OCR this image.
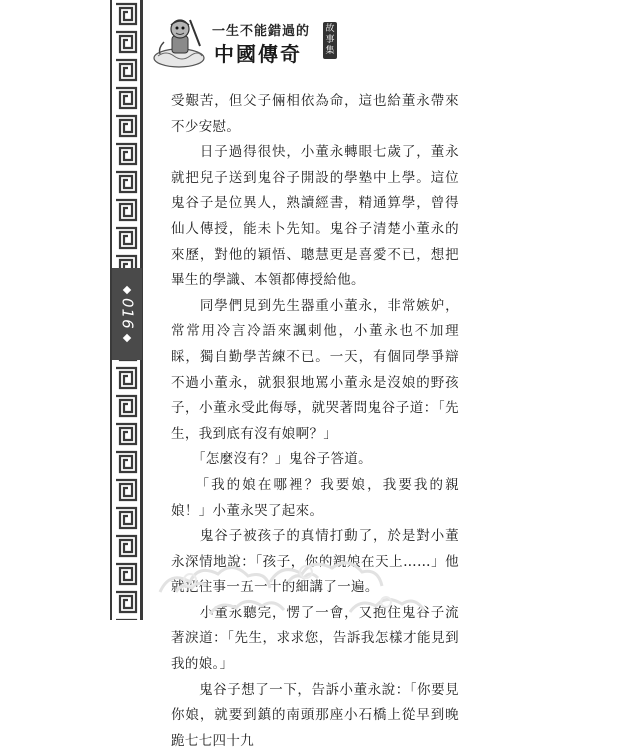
016
一生不能錯過的
中國傳奇
故
事
集

受艱苦，但父子倆相依為命，這也給董永帶來不少安慰。

　　日子過得很快，小董永轉眼七歲了，董永就把兒子送到鬼谷子開設的學塾中上學。這位鬼谷子是位異人，熟讀經書，精通算學，曾得仙人傳授，能未卜先知。鬼谷子清楚小董永的來歷，對他的穎悟、聰慧更是喜愛不已，想把畢生的學識、本領都傳授給他。

　　同學們見到先生器重小董永，非常嫉妒，常常用冷言冷語來諷刺他，小董永也不加理睬，獨自勤學苦練不已。一天，有個同學爭辯不過小董永，就狠狠地罵小董永是沒娘的野孩子，小董永受此侮辱，就哭著問鬼谷子道：「先生，我到底有沒有娘啊？」

　　「怎麼沒有？」鬼谷子答道。

　　「我的娘在哪裡？我要娘，我要我的親娘！」小董永哭了起來。

　　鬼谷子被孩子的真情打動了，於是對小董永深情地說：「孩子，你的親娘在天上……」他就把往事一五一十的細講了一遍。

　　小董永聽完，愣了一會，又抱住鬼谷子流著淚道：「先生，求求您，告訴我怎樣才能見到我的娘。」

　　鬼谷子想了一下，告訴小董永說：「你要見你娘，就要到鎮的南頭那座小石橋上從早到晚跪七七四十九
